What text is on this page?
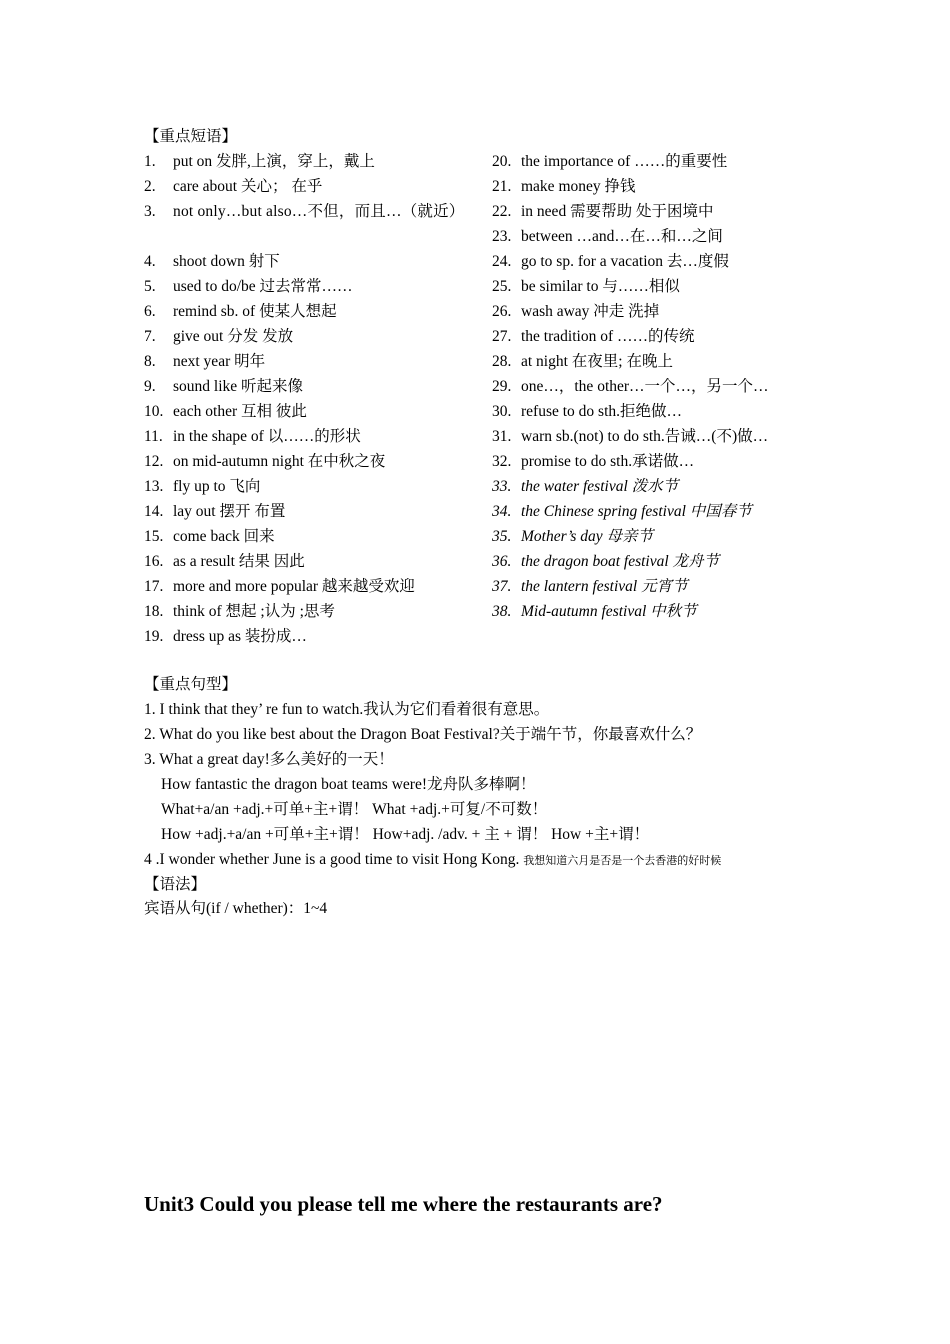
【重点短语】
1. put on 发胖,上演，穿上，戴上
2. care about 关心； 在乎
3. not only…but also…不但，而且…（就近）
4. shoot down 射下
5. used to do/be 过去常常……
6. remind sb. of 使某人想起
7. give out 分发 发放
8. next year 明年
9. sound like 听起来像
10. each other 互相 彼此
11. in the shape of 以……的形状
12. on mid-autumn night 在中秋之夜
13. fly up to 飞向
14. lay out 摆开 布置
15. come back 回来
16. as a result 结果 因此
17. more and more popular 越来越受欢迎
18. think of 想起 ;认为 ;思考
19. dress up as 装扮成…
20. the importance of ……的重要性
21. make money 挣钱
22. in need 需要帮助 处于困境中
23. between …and…在…和…之间
24. go to sp. for a vacation 去…度假
25. be similar to 与……相似
26. wash away 冲走 洗掉
27. the tradition of ……的传统
28. at night 在夜里; 在晚上
29. one…，the other…一个…，另一个…
30. refuse to do sth.拒绝做…
31. warn sb.(not) to do sth.告诫…(不)做…
32. promise to do sth.承诺做…
33. the water festival 泼水节
34. the Chinese spring festival 中国春节
35. Mother’s day 母亲节
36. the dragon boat festival 龙舟节
37. the lantern festival 元宵节
38. Mid-autumn festival 中秋节
【重点句型】
1. I think that they’ re fun to watch.我认为它们看着很有意思。
2. What do you like best about the Dragon Boat Festival?关于端午节，你最喜欢什么？
3. What a great day!多么美好的一天！
How fantastic the dragon boat teams were!龙舟队多棒啊！
What+a/an +adj.+可单+主+谓！ What +adj.+可复/不可数！
How +adj.+a/an +可单+主+谓！ How+adj. /adv. + 主 + 谓！ How +主+谓！
4 .I wonder whether June is a good time to visit Hong Kong. 我想知道六月是否是一个去香港的好时候
【语法】
宾语从句(if / whether)：1~4
Unit3 Could you please tell me where the restaurants are?
